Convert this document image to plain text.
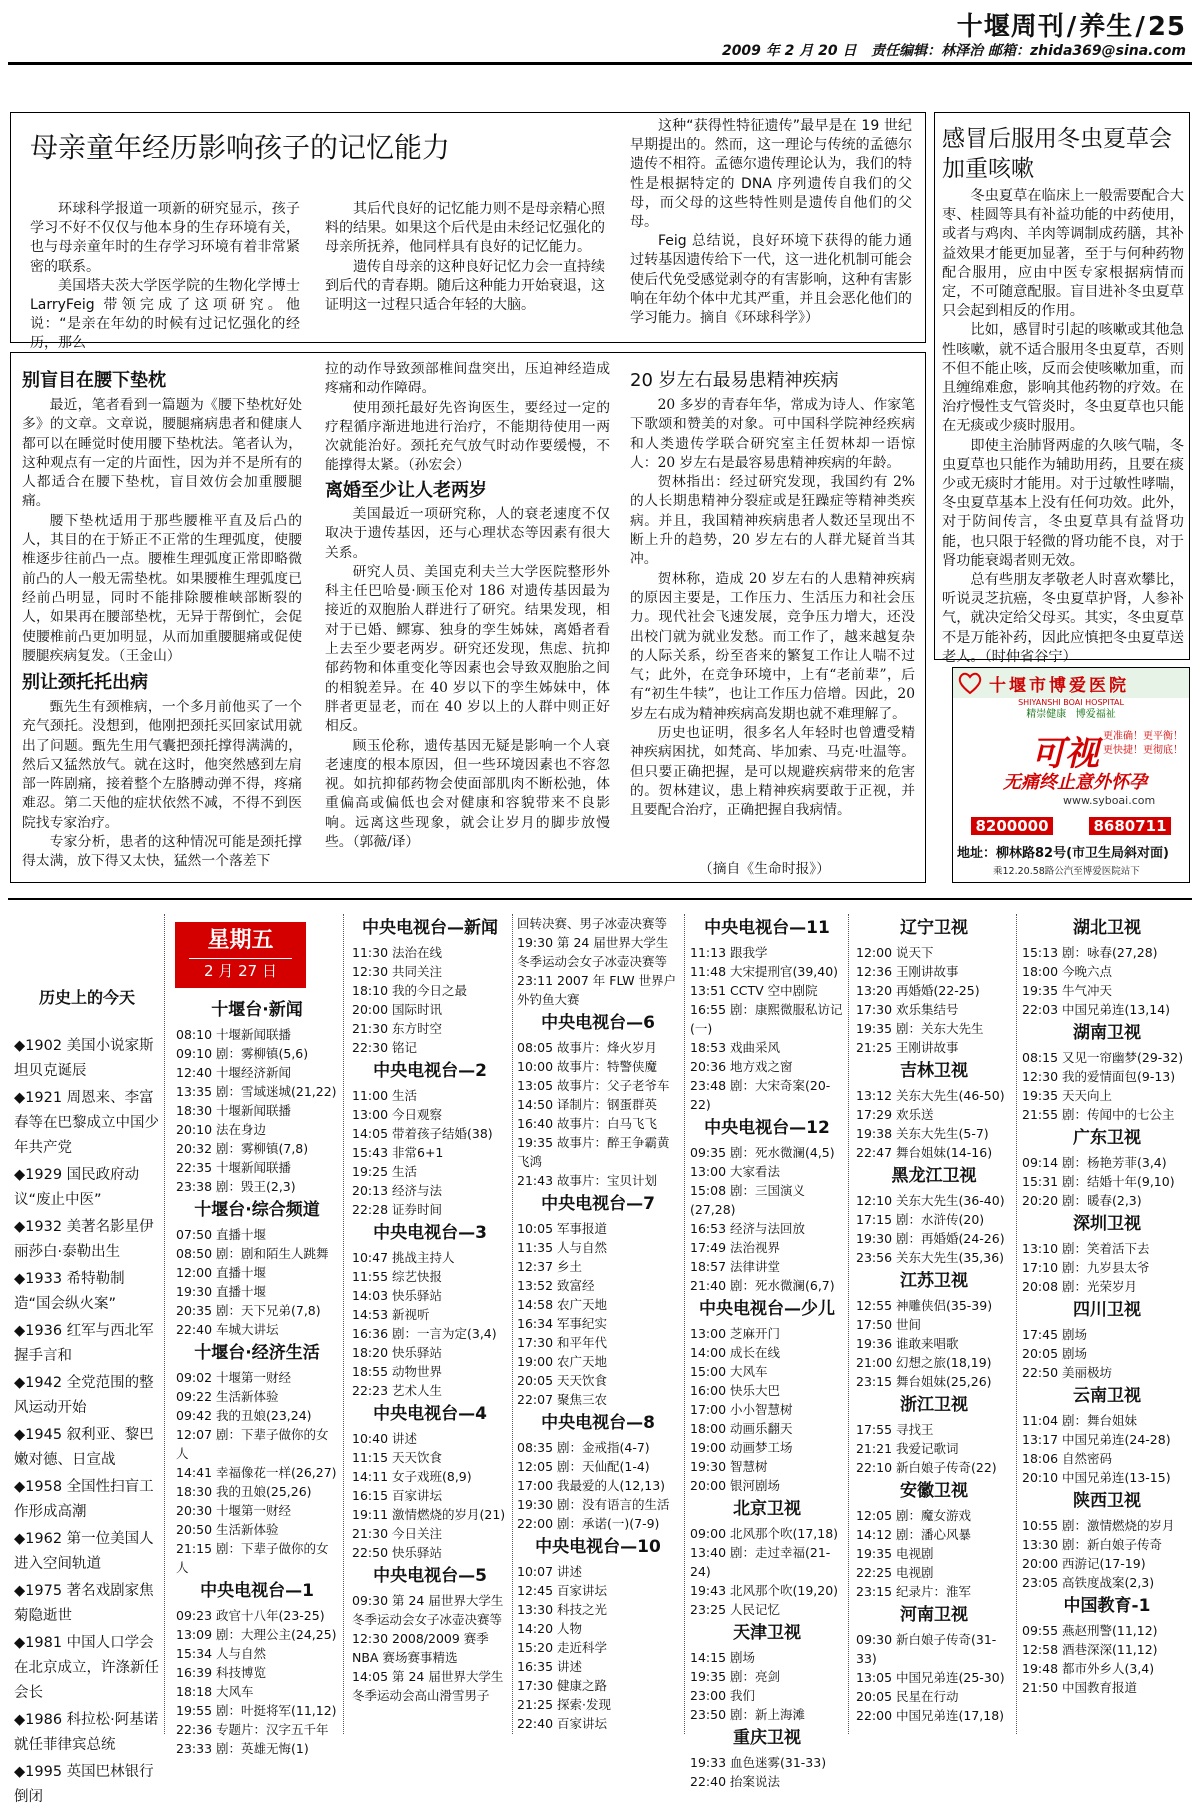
十堰周刊/养生/25
2009 年 2 月 20 日 责任编辑：林泽治 邮箱：zhida369@sina.com
母亲童年经历影响孩子的记忆能力

环球科学报道一项新的研究显示，孩子学习不好不仅仅与他本身的生存环境有关，也与母亲童年时的生存学习环境有着非常紧密的联系。

美国塔夫茨大学医学院的生物化学博士 LarryFeig 带领完成了这项研究。他说：“是亲在年幼的时候有过记忆强化的经历，那么

其后代良好的记忆能力则不是母亲精心照料的结果。如果这个后代是由未经记忆强化的母亲所抚养，他同样具有良好的记忆能力。

遗传自母亲的这种良好记忆力会一直持续到后代的青春期。随后这种能力开始衰退，这证明这一过程只适合年轻的大脑。

这种“获得性特征遗传”最早是在 19 世纪早期提出的。然而，这一理论与传统的孟德尔遗传不相符。孟德尔遗传理论认为，我们的特性是根据特定的 DNA 序列遗传自我们的父母，而父母的这些特性则是遗传自他们的父母。

Feig 总结说，良好环境下获得的能力通过转基因遗传给下一代，这一进化机制可能会使后代免受感觉剥夺的有害影响，这种有害影响在年幼个体中尤其严重，并且会恶化他们的学习能力。摘自《环球科学》）

感冒后服用冬虫夏草会加重咳嗽

冬虫夏草在临床上一般需要配合大枣、桂圆等具有补益功能的中药使用，或者与鸡肉、羊肉等调制成药膳，其补益效果才能更加显著，至于与何种药物配合服用，应由中医专家根据病情而定，不可随意配服。盲目进补冬虫夏草只会起到相反的作用。

比如，感冒时引起的咳嗽或其他急性咳嗽，就不适合服用冬虫夏草，否则不但不能止咳，反而会使咳嗽加重，而且缠绵难愈，影响其他药物的疗效。在治疗慢性支气管炎时，冬虫夏草也只能在无痰或少痰时服用。

即使主治肺肾两虚的久咳气喘，冬虫夏草也只能作为辅助用药，且要在痰少或无痰时才能用。对于过敏性哮喘，冬虫夏草基本上没有任何功效。此外，对于防间传言，冬虫夏草具有益肾功能，也只限于轻微的肾功能不良，对于肾功能衰竭者则无效。

总有些朋友孝敬老人时喜欢攀比，听说灵芝抗癌，冬虫夏草护肾，人参补气，就决定给父母买。其实，冬虫夏草不是万能补药，因此应慎把冬虫夏草送老人。（时仲省谷宁）

十堰市博爱医院
SHIYANSHI BOAI HOSPITAL
精崇健康 博爱福祉
可视 更准确！更平衡！
更快捷！更彻底！
无痛终止意外怀孕
www.syboai.com
8200000	8680711
地址：柳林路82号(市卫生局斜对面)
乘12.20.58路公汽至博爱医院站下
别盲目在腰下垫枕

最近，笔者看到一篇题为《腰下垫枕好处多》的文章。文章说，腰腿痛病患者和健康人都可以在睡觉时使用腰下垫枕法。笔者认为，这种观点有一定的片面性，因为并不是所有的人都适合在腰下垫枕，盲目效仿会加重腰腿痛。

腰下垫枕适用于那些腰椎平直及后凸的人，其目的在于矫正不正常的生理弧度，使腰椎逐步往前凸一点。腰椎生理弧度正常即略微前凸的人一般无需垫枕。如果腰椎生理弧度已经前凸明显，同时不能排除腰椎峡部断裂的人，如果再在腰部垫枕，无异于帮倒忙，会促使腰椎前凸更加明显，从而加重腰腿痛或促使腰腿疾病复发。（王金山）

别让颈托托出病

甄先生有颈椎病，一个多月前他买了一个充气颈托。没想到，他刚把颈托买回家试用就出了问题。甄先生用气囊把颈托撑得满满的，然后又猛然放气。就在这时，他突然感到左肩部一阵剧痛，接着整个左胳膊动弹不得，疼痛难忍。第二天他的症状依然不减，不得不到医院找专家治疗。

专家分析，患者的这种情况可能是颈托撑得太满，放下得又太快，猛然一个落差下

拉的动作导致颈部椎间盘突出，压迫神经造成疼痛和动作障碍。

使用颈托最好先咨询医生，要经过一定的疗程循序渐进地进行治疗，不能期待使用一两次就能治好。颈托充气放气时动作要缓慢，不能撑得太紧。（孙宏会）

离婚至少让人老两岁

美国最近一项研究称，人的衰老速度不仅取决于遗传基因，还与心理状态等因素有很大关系。

研究人员、美国克利夫兰大学医院整形外科主任巴哈曼·顾玉伦对 186 对遗传基因最为接近的双胞胎人群进行了研究。结果发现，相对于已婚、鳏寡、独身的孪生姊妹，离婚者看上去至少要老两岁。研究还发现，焦虑、抗抑郁药物和体重变化等因素也会导致双胞胎之间的相貌差异。在 40 岁以下的孪生姊妹中，体胖者更显老，而在 40 岁以上的人群中则正好相反。

顾玉伦称，遗传基因无疑是影响一个人衰老速度的根本原因，但一些环境因素也不容忽视。如抗抑郁药物会使面部肌肉不断松弛，体重偏高或偏低也会对健康和容貌带来不良影响。远离这些现象，就会让岁月的脚步放慢些。（郭薇/译）

20 岁左右最易患精神疾病

20 多岁的青春年华，常成为诗人、作家笔下歌颂和赞美的对象。可中国科学院神经疾病和人类遗传学联合研究室主任贺林却一语惊人：20 岁左右是最容易患精神疾病的年龄。

贺林指出：经过研究发现，我国约有 2% 的人长期患精神分裂症或是狂躁症等精神类疾病。并且，我国精神疾病患者人数还呈现出不断上升的趋势，20 岁左右的人群尤疑首当其冲。

贺林称，造成 20 岁左右的人患精神疾病的原因主要是，工作压力、生活压力和社会压力。现代社会飞速发展，竞争压力增大，还没出校门就为就业发愁。而工作了，越来越复杂的人际关系，纷至沓来的繁复工作让人喘不过气；此外，在竞争环境中，上有“老前辈”，后有“初生牛犊”，也让工作压力倍增。因此，20 岁左右成为精神疾病高发期也就不难理解了。

历史也证明，很多名人年轻时也曾遭受精神疾病困扰，如梵高、毕加索、马克·吐温等。但只要正确把握，是可以规避疾病带来的危害的。贺林建议，患上精神疾病要敢于正视，并且要配合治疗，正确把握自我病情。

（摘自《生命时报》）
历史上的今天
◆1902 美国小说家斯坦贝克诞辰
◆1921 周恩来、李富春等在巴黎成立中国少年共产党
◆1929 国民政府动议“废止中医”
◆1932 美著名影星伊丽莎白·泰勒出生
◆1933 希特勒制造“国会纵火案”
◆1936 红军与西北军握手言和
◆1942 全党范围的整风运动开始
◆1945 叙利亚、黎巴嫩对德、日宣战
◆1958 全国性扫盲工作形成高潮
◆1962 第一位美国人进入空间轨道
◆1975 著名戏剧家焦菊隐逝世
◆1981 中国人口学会在北京成立，许涤新任会长
◆1986 科拉松·阿基诺就任菲律宾总统
◆1995 英国巴林银行倒闭
星期五
2 月 27 日
十堰台·新闻
08:10 十堰新闻联播
09:10 剧：雾柳镇(5,6)
12:40 十堰经济新闻
13:35 剧：雪域迷城(21,22)
18:30 十堰新闻联播
20:10 法在身边
20:32 剧：雾柳镇(7,8)
22:35 十堰新闻联播
23:38 剧：毁王(2,3)
十堰台·综合频道
07:50 直播十堰
08:50 剧：剧和陌生人跳舞
12:00 直播十堰
19:30 直播十堰
20:35 剧：天下兄弟(7,8)
22:40 车城大讲坛
十堰台·经济生活
09:02 十堰第一财经
09:22 生活新体验
09:42 我的丑娘(23,24)
12:07 剧：下辈子做你的女人
14:41 幸福像花一样(26,27)
18:30 我的丑娘(25,26)
20:30 十堰第一财经
20:50 生活新体验
21:15 剧：下辈子做你的女人
中央电视台—1
09:23 政官十八年(23-25)
13:09 剧：大理公主(24,25)
15:34 人与自然
16:39 科技博览
18:18 大风车
19:55 剧：叶挺将军(11,12)
22:36 专题片：汉字五千年
23:33 剧：英雄无悔(1)
中央电视台—新闻
11:30 法治在线
12:30 共同关注
18:10 我的今日之最
20:00 国际时讯
21:30 东方时空
22:30 铭记
中央电视台—2
11:00 生活
13:00 今日观察
14:05 带着孩子结婚(38)
15:43 非常6+1
19:25 生活
20:13 经济与法
22:28 证券时间
中央电视台—3
10:47 挑战主持人
11:55 综艺快报
14:03 快乐驿站
14:53 新视听
16:36 剧：一言为定(3,4)
18:20 快乐驿站
18:55 动物世界
22:23 艺术人生
中央电视台—4
10:40 讲述
11:15 天天饮食
14:11 女子戏班(8,9)
16:15 百家讲坛
19:11 激情燃烧的岁月(21)
21:30 今日关注
22:50 快乐驿站
中央电视台—5
09:30 第 24 届世界大学生冬季运动会女子冰壶决赛等
12:30 2008/2009 赛季 NBA 赛场赛事精选
14:05 第 24 届世界大学生冬季运动会高山滑雪男子
回转决赛、男子冰壶决赛等
19:30 第 24 届世界大学生冬季运动会女子冰壶决赛等
23:11 2007 年 FLW 世界户外钓鱼大赛
中央电视台—6
08:05 故事片：烽火岁月
10:00 故事片：特警侠魔
13:05 故事片：父子老爷车
14:50 译制片：钢蛋群英
16:40 故事片：白马飞飞
19:35 故事片：醉王争霸黄飞鸿
21:43 故事片：宝贝计划
中央电视台—7
10:05 军事报道
11:35 人与自然
12:37 乡土
13:52 致富经
14:58 农广天地
16:34 军事纪实
17:30 和平年代
19:00 农广天地
20:05 天天饮食
22:07 聚焦三农
中央电视台—8
08:35 剧：金戒指(4-7)
12:05 剧：天仙配(1-4)
17:00 我最爱的人(12,13)
19:30 剧：没有语言的生活
22:00 剧：承诺(一)(7-9)
中央电视台—10
10:07 讲述
12:45 百家讲坛
13:30 科技之光
14:20 人物
15:20 走近科学
16:35 讲述
17:30 健康之路
21:25 探索·发现
22:40 百家讲坛
中央电视台—11
11:13 跟我学
11:48 大宋提刑官(39,40)
13:51 CCTV 空中剧院
16:55 剧：康熙微服私访记(一)
18:53 戏曲采风
20:36 地方戏之窗
23:48 剧：大宋奇案(20-22)
中央电视台—12
09:35 剧：死水微澜(4,5)
13:00 大家看法
15:08 剧：三国演义(27,28)
16:53 经济与法回放
17:49 法治视界
18:57 法律讲堂
21:40 剧：死水微澜(6,7)
中央电视台—少儿
13:00 芝麻开门
14:00 成长在线
15:00 大风车
16:00 快乐大巴
17:00 小小智慧树
18:00 动画乐翻天
19:00 动画梦工场
19:30 智慧树
20:00 银河剧场
北京卫视
09:00 北风那个吹(17,18)
13:40 剧：走过幸福(21-24)
19:43 北风那个吹(19,20)
23:25 人民记忆
天津卫视
14:15 剧场
19:35 剧：亮剑
23:00 我们
23:50 剧：新上海滩
重庆卫视
19:33 血色迷雾(31-33)
22:40 抬案说法
辽宁卫视
12:00 说天下
12:36 王刚讲故事
13:20 再婚婚(22-25)
17:30 欢乐集结号
19:35 剧：关东大先生
21:25 王刚讲故事
吉林卫视
13:12 关东大先生(46-50)
17:29 欢乐送
19:38 关东大先生(5-7)
22:47 舞台姐妹(14-16)
黑龙江卫视
12:10 关东大先生(36-40)
17:15 剧：水浒传(20)
19:30 剧：再婚婚(24-26)
23:56 关东大先生(35,36)
江苏卫视
12:55 神雕侠侣(35-39)
17:50 世间
19:36 谁敢来唱歌
21:00 幻想之旅(18,19)
23:15 舞台姐妹(25,26)
浙江卫视
17:55 寻找王
21:21 我爱记歌词
22:10 新白娘子传奇(22)
安徽卫视
12:05 剧：魔女游戏
14:12 剧：潘心风暴
19:35 电视剧
22:25 电视剧
23:15 纪录片：淮军
河南卫视
09:30 新白娘子传奇(31-33)
13:05 中国兄弟连(25-30)
20:05 民星在行动
22:00 中国兄弟连(17,18)
湖北卫视
15:13 剧：咏春(27,28)
18:00 今晚六点
19:35 牛气冲天
22:03 中国兄弟连(13,14)
湖南卫视
08:15 又见一帘幽梦(29-32)
12:30 我的爱情面包(9-13)
19:35 天天向上
21:55 剧：传闻中的七公主
广东卫视
09:14 剧：杨艳芳菲(3,4)
15:31 剧：结婚十年(9,10)
20:20 剧：暖春(2,3)
深圳卫视
13:10 剧：笑着活下去
17:10 剧：九岁县太爷
20:08 剧：光荣岁月
四川卫视
17:45 剧场
20:05 剧场
22:50 美丽极坊
云南卫视
11:04 剧：舞台姐妹
13:17 中国兄弟连(24-28)
18:06 自然密码
20:10 中国兄弟连(13-15)
陕西卫视
10:55 剧：激情燃烧的岁月
13:30 剧：新白娘子传奇
20:00 西游记(17-19)
23:05 高铁度战案(2,3)
中国教育-1
09:55 燕赵刑警(11,12)
12:58 酒巷深深(11,12)
19:48 都市外乡人(3,4)
21:50 中国教育报道
